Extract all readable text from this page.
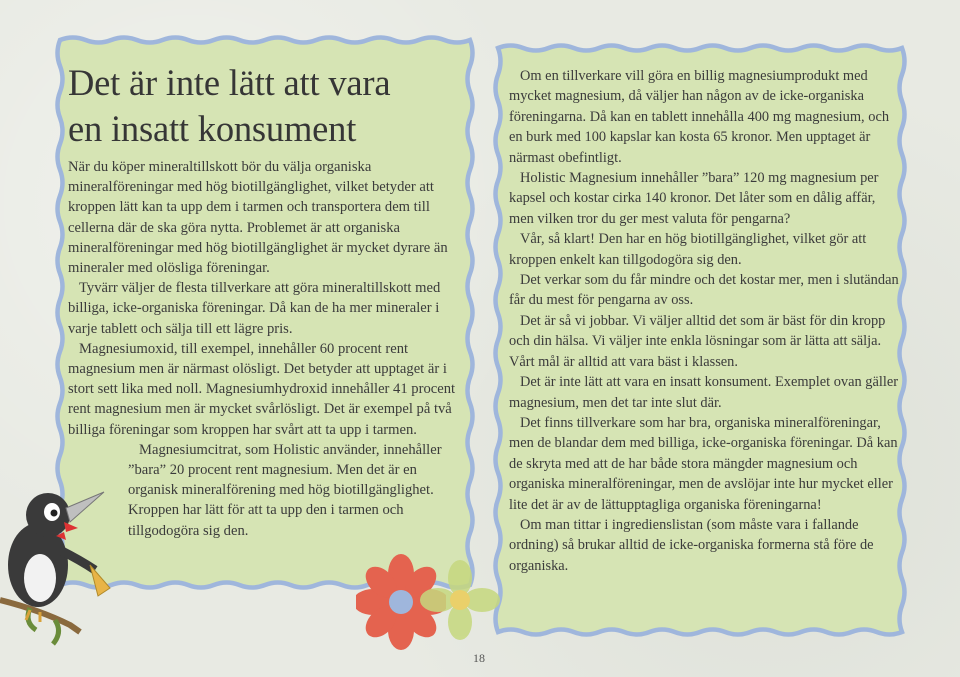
Det är inte lätt att vara
en insatt konsument

När du köper mineraltillskott bör du välja organiska mineralföreningar med hög biotillgänglighet, vilket betyder att kroppen lätt kan ta upp dem i tarmen och transportera dem till cellerna där de ska göra nytta. Problemet är att organiska mineralföreningar med hög biotillgänglighet är mycket dyrare än mineraler med olösliga föreningar.

Tyvärr väljer de flesta tillverkare att göra mineraltillskott med billiga, icke-organiska föreningar. Då kan de ha mer mineraler i varje tablett och sälja till ett lägre pris.

Magnesiumoxid, till exempel, innehåller 60 procent rent magnesium men är närmast olösligt. Det betyder att upptaget är i stort sett lika med noll. Magnesiumhydroxid innehåller 41 procent rent magnesium men är mycket svårlösligt. Det är exempel på två billiga föreningar som kroppen har svårt att ta upp i tarmen.

Magnesiumcitrat, som Holistic använder, innehåller ”bara” 20 procent rent magnesium. Men det är en organisk mineralförening med hög biotillgänglighet. Kroppen har lätt för att ta upp den i tarmen och tillgodogöra sig den.

Om en tillverkare vill göra en billig magnesiumprodukt med mycket magnesium, då väljer han någon av de icke-organiska föreningarna. Då kan en tablett innehålla 400 mg magnesium, och en burk med 100 kapslar kan kosta 65 kronor. Men upptaget är närmast obefintligt.

Holistic Magnesium innehåller ”bara” 120 mg magnesium per kapsel och kostar cirka 140 kronor. Det låter som en dålig affär, men vilken tror du ger mest valuta för pengarna?

Vår, så klart! Den har en hög biotillgänglighet, vilket gör att kroppen enkelt kan tillgodogöra sig den.

Det verkar som du får mindre och det kostar mer, men i slutändan får du mest för pengarna av oss.

Det är så vi jobbar. Vi väljer alltid det som är bäst för din kropp och din hälsa. Vi väljer inte enkla lösningar som är lätta att sälja. Vårt mål är alltid att vara bäst i klassen.

Det är inte lätt att vara en insatt konsument. Exemplet ovan gäller magnesium, men det tar inte slut där.

Det finns tillverkare som har bra, organiska mineralföreningar, men de blandar dem med billiga, icke-organiska föreningar. Då kan de skryta med att de har både stora mängder magnesium och organiska mineralföreningar, men de avslöjar inte hur mycket eller lite det är av de lättupptagliga organiska föreningarna!

Om man tittar i ingredienslistan (som måste vara i fallande ordning) så brukar alltid de icke-organiska formerna stå före de organiska.

18
